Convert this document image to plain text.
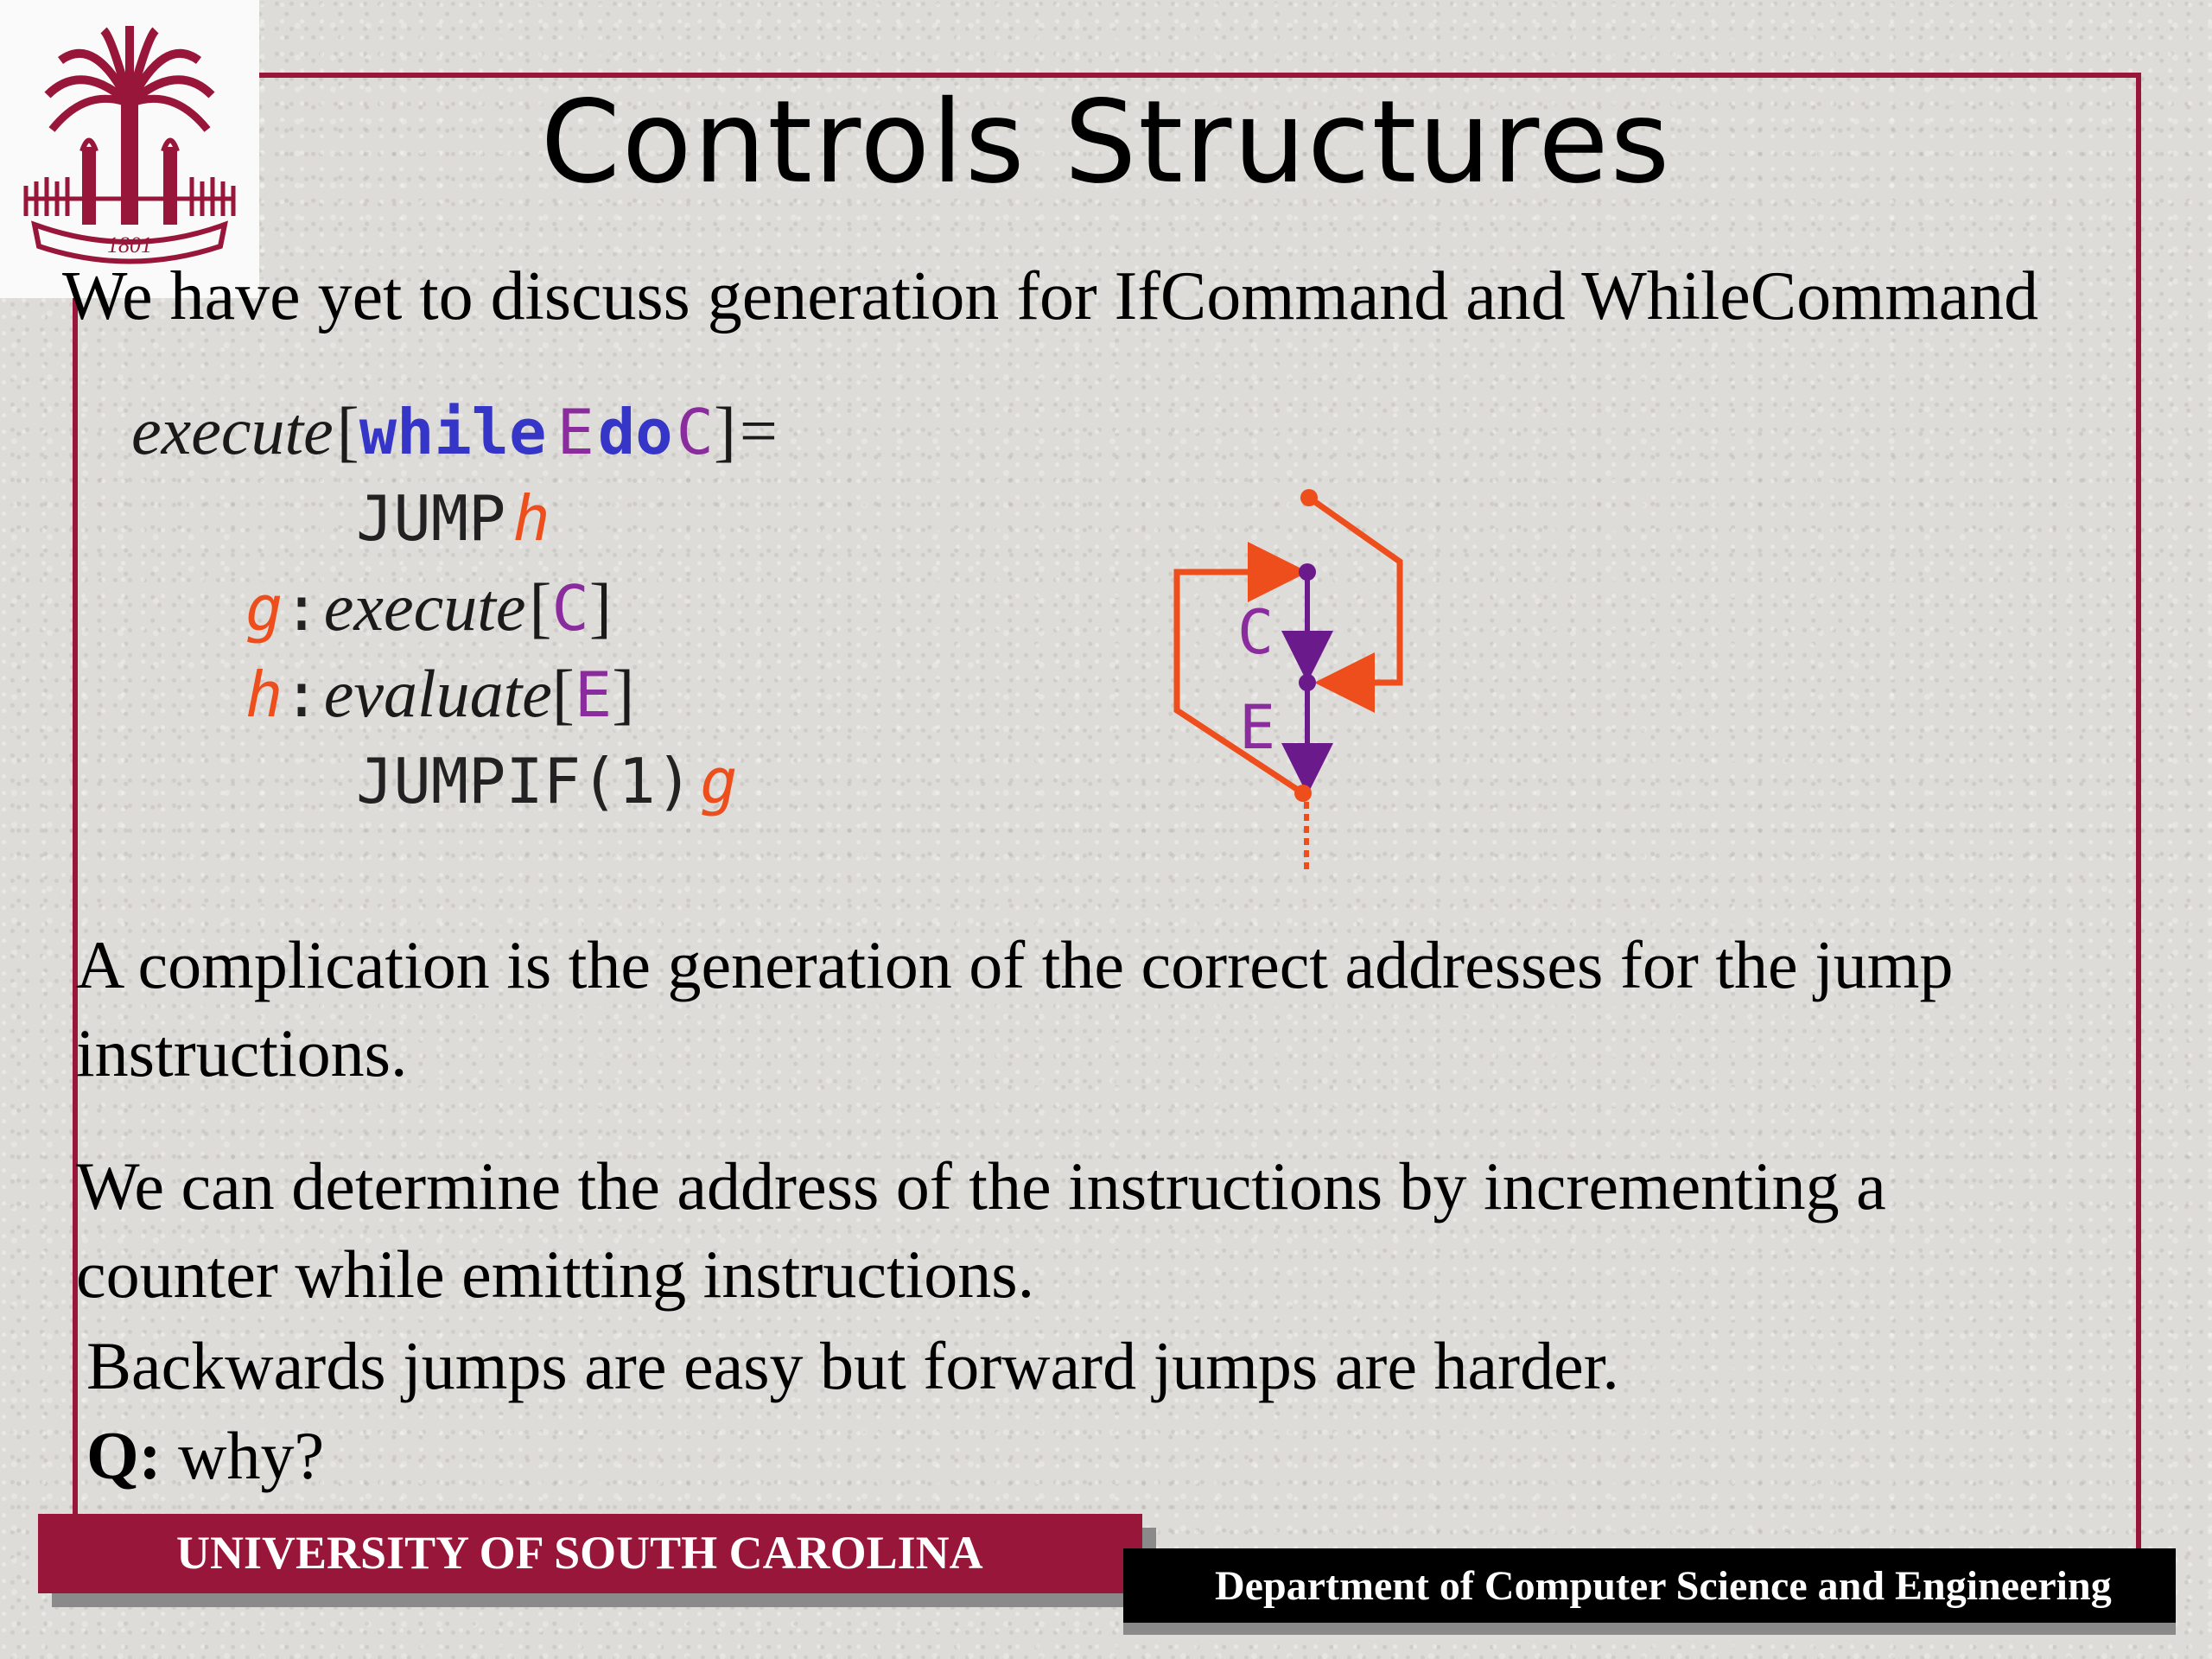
1801
Controls Structures
We have yet to discuss generation for IfCommand and WhileCommand
execute [while E do C] =
JUMP h
g: execute [C]
h: evaluate[E]
JUMPIF(1) g
C
E
A complication is the generation of the correct addresses for the jump
instructions.
We can determine the address of the instructions by incrementing a
counter while emitting instructions.
Backwards jumps are easy but forward jumps are harder.
Q: why?
UNIVERSITY OF SOUTH CAROLINA
Department of Computer Science and Engineering
